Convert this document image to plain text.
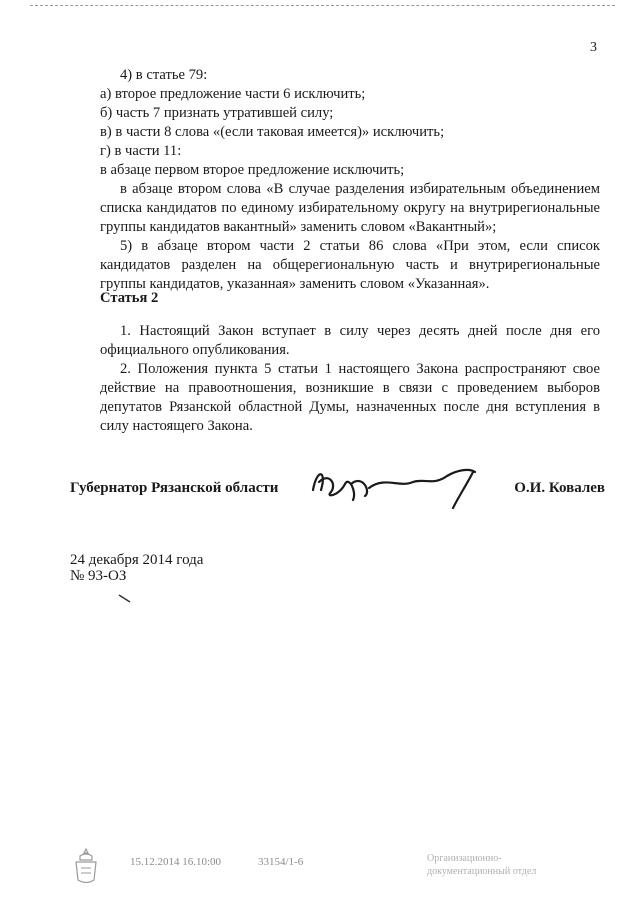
3

4) в статье 79:

а) второе предложение части 6 исключить;

б) часть 7 признать утратившей силу;

в) в части 8 слова «(если таковая имеется)» исключить;

г) в части 11:

в абзаце первом второе предложение исключить;

в абзаце втором слова «В случае разделения избирательным объединением списка кандидатов по единому избирательному округу на внутрирегиональные группы кандидатов вакантный» заменить словом «Вакантный»;

5) в абзаце втором части 2 статьи 86 слова «При этом, если список кандидатов разделен на общерегиональную часть и внутрирегиональные группы кандидатов, указанная» заменить словом «Указанная».

Статья 2

1. Настоящий Закон вступает в силу через десять дней после дня его официального опубликования.

2. Положения пункта 5 статьи 1 настоящего Закона распространяют свое действие на правоотношения, возникшие в связи с проведением выборов депутатов Рязанской областной Думы, назначенных после дня вступления в силу настоящего Закона.

Губернатор Рязанской области	О.И. Ковалев
24 декабря 2014 года
№ 93-ОЗ
15.12.2014 16.10:00	33154/1-6	Организационно-
документационный отдел
